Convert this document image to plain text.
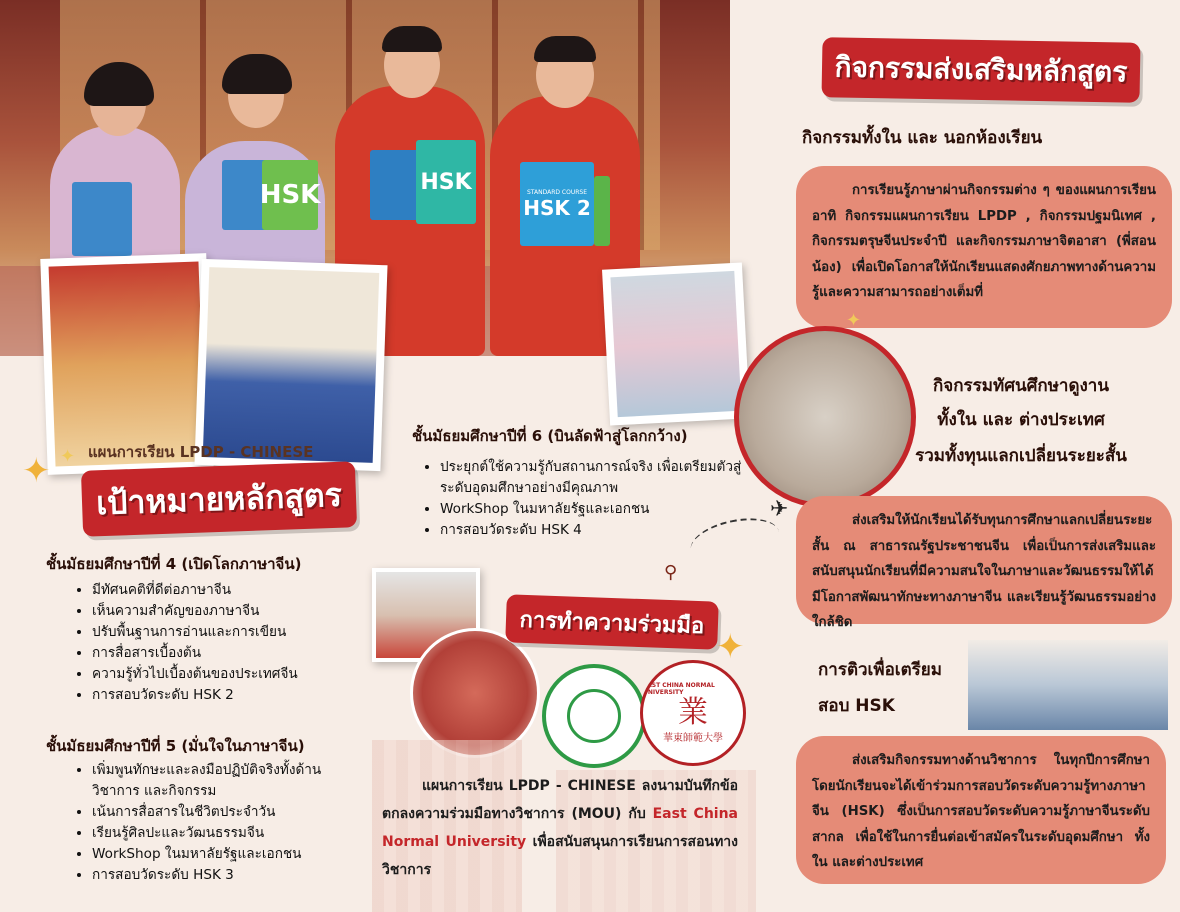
HSK	HSK	STANDARD COURSE
HSK 2
แผนการเรียน LPDP - CHINESE
เป้าหมายหลักสูตร
✦ ✦
ชั้นมัธยมศึกษาปีที่ 4 (เปิดโลกภาษาจีน)
• มีทัศนคติที่ดีต่อภาษาจีน
• เห็นความสำคัญของภาษาจีน
• ปรับพื้นฐานการอ่านและการเขียน
• การสื่อสารเบื้องต้น
• ความรู้ทั่วไปเบื้องต้นของประเทศจีน
• การสอบวัดระดับ HSK 2
ชั้นมัธยมศึกษาปีที่ 5 (มั่นใจในภาษาจีน)
• เพิ่มพูนทักษะและลงมือปฏิบัติจริงทั้งด้านวิชาการ และกิจกรรม
• เน้นการสื่อสารในชีวิตประจำวัน
• เรียนรู้ศิลปะและวัฒนธรรมจีน
• WorkShop ในมหาลัยรัฐและเอกชน
• การสอบวัดระดับ HSK 3
ชั้นมัธยมศึกษาปีที่ 6 (บินลัดฟ้าสู่โลกกว้าง)
• ประยุกต์ใช้ความรู้กับสถานการณ์จริง เพื่อเตรียมตัวสู่ระดับอุดมศึกษาอย่างมีคุณภาพ
• WorkShop ในมหาลัยรัฐและเอกชน
• การสอบวัดระดับ HSK 4
⚲
✈
การทำความร่วมมือ
✦
EAST CHINA NORMAL UNIVERSITY
業
華東師範大學
แผนการเรียน LPDP - CHINESE ลงนามบันทึกข้อตกลงความร่วมมือทางวิชาการ (MOU) กับ East China Normal University เพื่อสนับสนุนการเรียนการสอนทางวิชาการ
กิจกรรมส่งเสริมหลักสูตร
กิจกรรมทั้งใน และ นอกห้องเรียน
การเรียนรู้ภาษาผ่านกิจกรรมต่าง ๆ ของแผนการเรียน อาทิ กิจกรรมแผนการเรียน LPDP , กิจกรรมปฐมนิเทศ , กิจกรรมตรุษจีนประจำปี และกิจกรรมภาษาจิตอาสา (พี่สอนน้อง) เพื่อเปิดโอกาสให้นักเรียนแสดงศักยภาพทางด้านความรู้และความสามารถอย่างเต็มที่
✦
กิจกรรมทัศนศึกษาดูงาน
ทั้งใน และ ต่างประเทศ
รวมทั้งทุนแลกเปลี่ยนระยะสั้น
ส่งเสริมให้นักเรียนได้รับทุนการศึกษาแลกเปลี่ยนระยะสั้น ณ สาธารณรัฐประชาชนจีน เพื่อเป็นการส่งเสริมและสนับสนุนนักเรียนที่มีความสนใจในภาษาและวัฒนธรรมให้ได้มีโอกาสพัฒนาทักษะทางภาษาจีน และเรียนรู้วัฒนธรรมอย่างใกล้ชิด
การติวเพื่อเตรียม
สอบ HSK
ส่งเสริมกิจกรรมทางด้านวิชาการ ในทุกปีการศึกษา โดยนักเรียนจะได้เข้าร่วมการสอบวัดระดับความรู้ทางภาษาจีน (HSK) ซึ่งเป็นการสอบวัดระดับความรู้ภาษาจีนระดับสากล เพื่อใช้ในการยื่นต่อเข้าสมัครในระดับอุดมศึกษา ทั้งใน และต่างประเทศ
